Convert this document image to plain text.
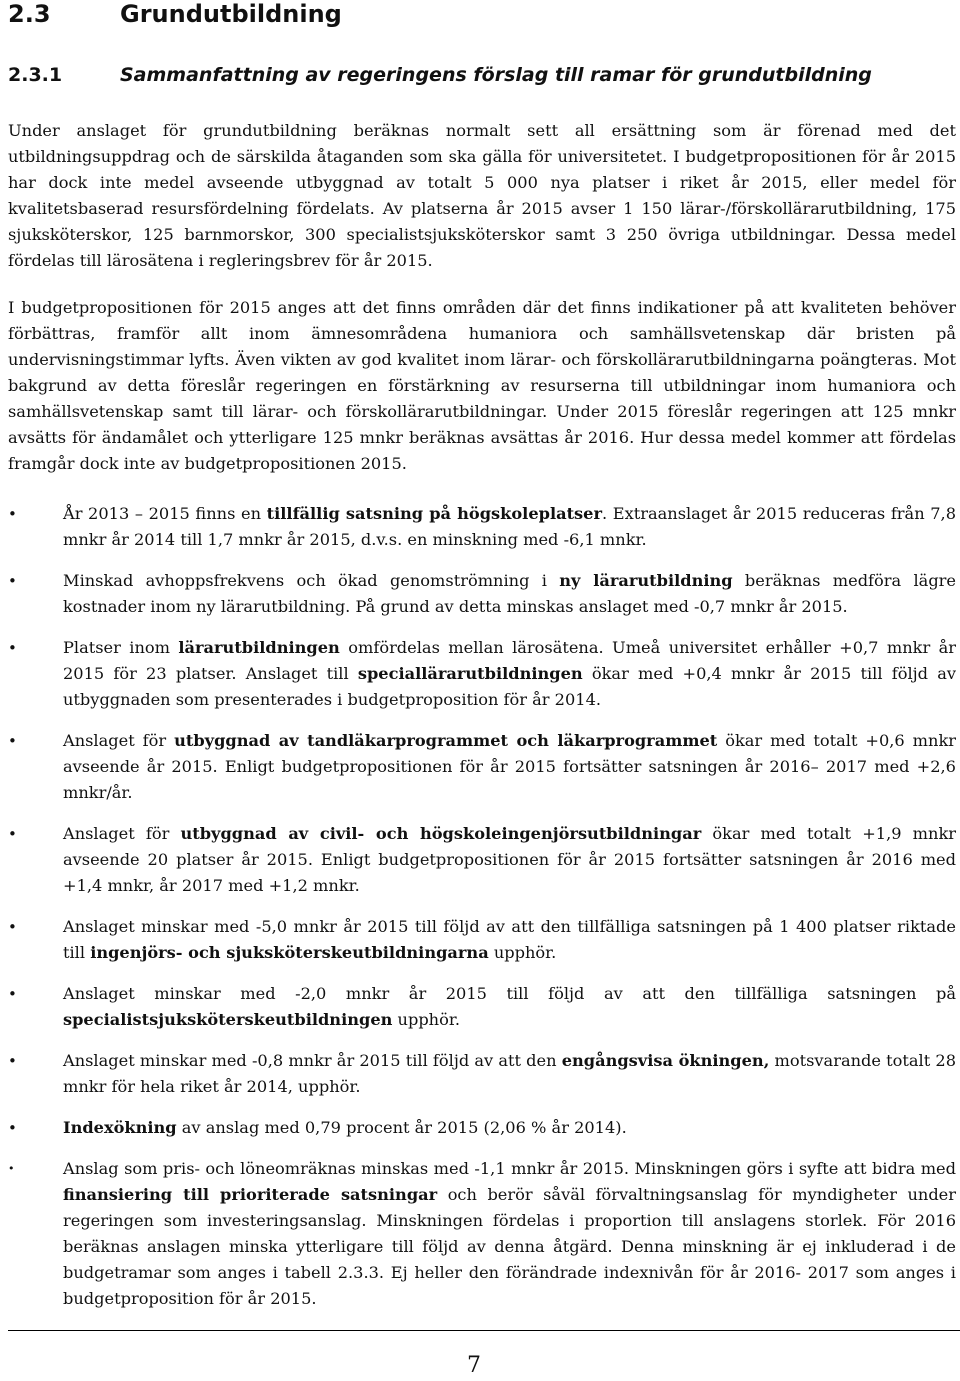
2.3	Grundutbildning
2.3.1	Sammanfattning av regeringens förslag till ramar för grundutbildning

Under anslaget för grundutbildning beräknas normalt sett all ersättning som är förenad med det utbildningsuppdrag och de särskilda åtaganden som ska gälla för universitetet. I budgetpropositionen för år 2015 har dock inte medel avseende utbyggnad av totalt 5 000 nya platser i riket år 2015, eller medel för kvalitetsbaserad resursfördelning fördelats. Av platserna år 2015 avser 1 150 lärar-/förskollärarutbildning, 175 sjuksköterskor, 125 barnmorskor, 300 specialistsjuksköterskor samt 3 250 övriga utbildningar. Dessa medel fördelas till lärosätena i regleringsbrev för år 2015.

I budgetpropositionen för 2015 anges att det finns områden där det finns indikationer på att kvaliteten behöver förbättras, framför allt inom ämnesområdena humaniora och samhällsvetenskap där bristen på undervisningstimmar lyfts. Även vikten av god kvalitet inom lärar- och förskollärarutbildningarna poängteras. Mot bakgrund av detta föreslår regeringen en förstärkning av resurserna till utbildningar inom humaniora och samhällsvetenskap samt till lärar- och förskollärarutbildningar. Under 2015 föreslår regeringen att 125 mnkr avsätts för ändamålet och ytterligare 125 mnkr beräknas avsättas år 2016. Hur dessa medel kommer att fördelas framgår dock inte av budgetpropositionen 2015.

•	År 2013 – 2015 finns en tillfällig satsning på högskoleplatser. Extraanslaget år 2015 reduceras från 7,8 mnkr år 2014 till 1,7 mnkr år 2015, d.v.s. en minskning med -6,1 mnkr.
•	Minskad avhoppsfrekvens och ökad genomströmning i ny lärarutbildning beräknas medföra lägre kostnader inom ny lärarutbildning. På grund av detta minskas anslaget med -0,7 mnkr år 2015.
•	Platser inom lärarutbildningen omfördelas mellan lärosätena. Umeå universitet erhåller +0,7 mnkr år 2015 för 23 platser. Anslaget till speciallärarutbildningen ökar med +0,4 mnkr år 2015 till följd av utbyggnaden som presenterades i budgetproposition för år 2014.
•	Anslaget för utbyggnad av tandläkarprogrammet och läkarprogrammet ökar med totalt +0,6 mnkr avseende år 2015. Enligt budgetpropositionen för år 2015 fortsätter satsningen år 2016– 2017 med +2,6 mnkr/år.
•	Anslaget för utbyggnad av civil- och högskoleingenjörsutbildningar ökar med totalt +1,9 mnkr avseende 20 platser år 2015. Enligt budgetpropositionen för år 2015 fortsätter satsningen år 2016 med +1,4 mnkr, år 2017 med +1,2 mnkr.
•	Anslaget minskar med -5,0 mnkr år 2015 till följd av att den tillfälliga satsningen på 1 400 platser riktade till ingenjörs- och sjuksköterskeutbildningarna upphör.
•	Anslaget minskar med -2,0 mnkr år 2015 till följd av att den tillfälliga satsningen på specialistsjuksköterskeutbildningen upphör.
•	Anslaget minskar med -0,8 mnkr år 2015 till följd av att den engångsvisa ökningen, motsvarande totalt 28 mnkr för hela riket år 2014, upphör.
•	Indexökning av anslag med 0,79 procent år 2015 (2,06 % år 2014).
•	Anslag som pris- och löneomräknas minskas med -1,1 mnkr år 2015. Minskningen görs i syfte att bidra med finansiering till prioriterade satsningar och berör såväl förvaltningsanslag för myndigheter under regeringen som investeringsanslag. Minskningen fördelas i proportion till anslagens storlek. För 2016 beräknas anslagen minska ytterligare till följd av denna åtgärd. Denna minskning är ej inkluderad i de budgetramar som anges i tabell 2.3.3. Ej heller den förändrade indexnivån för år 2016- 2017 som anges i budgetproposition för år 2015.
7
